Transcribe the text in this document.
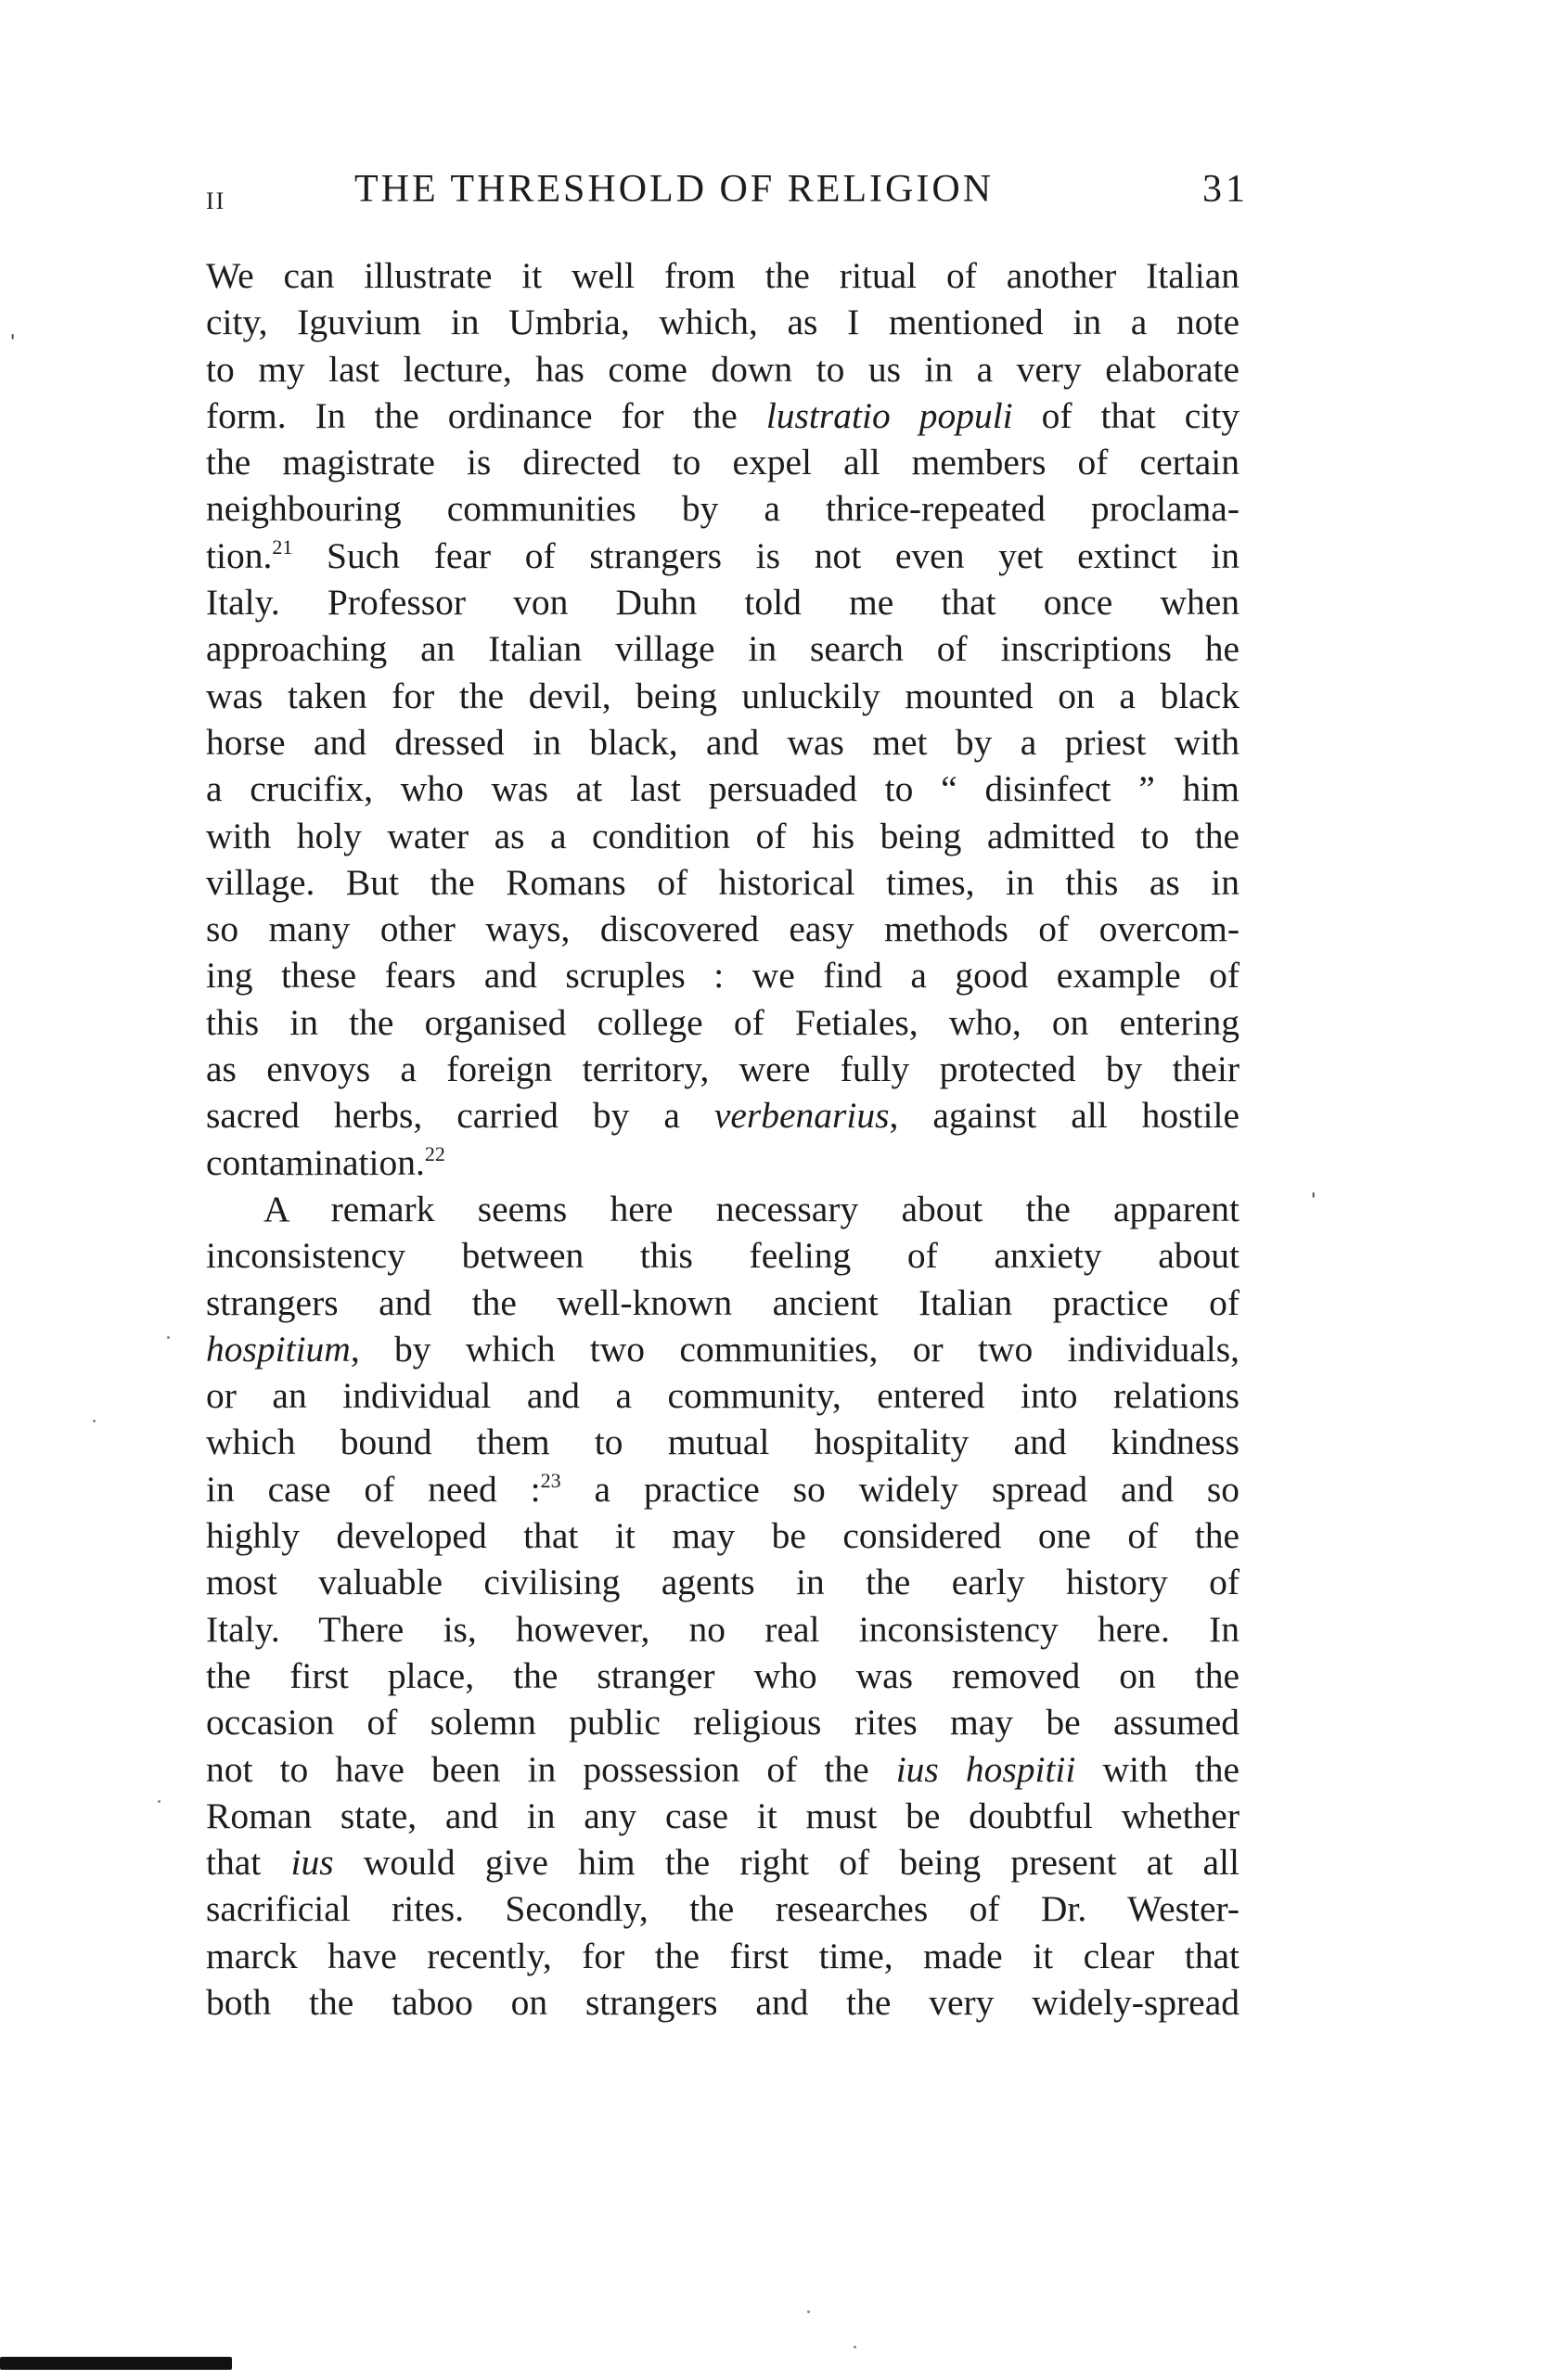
II	THE THRESHOLD OF RELIGION	31
We can illustrate it well from the ritual of another Italian
city, Iguvium in Umbria, which, as I mentioned in a note
to my last lecture, has come down to us in a very elaborate
form. In the ordinance for the lustratio populi of that city
the magistrate is directed to expel all members of certain
neighbouring communities by a thrice-repeated proclama-
tion.$^{21}$ Such fear of strangers is not even yet extinct in
Italy. Professor von Duhn told me that once when
approaching an Italian village in search of inscriptions he
was taken for the devil, being unluckily mounted on a black
horse and dressed in black, and was met by a priest with
a crucifix, who was at last persuaded to “ disinfect ” him
with holy water as a condition of his being admitted to the
village. But the Romans of historical times, in this as in
so many other ways, discovered easy methods of overcom-
ing these fears and scruples : we find a good example of
this in the organised college of Fetiales, who, on entering
as envoys a foreign territory, were fully protected by their
sacred herbs, carried by a verbenarius, against all hostile
contamination.$^{22}$
A remark seems here necessary about the apparent
inconsistency between this feeling of anxiety about
strangers and the well-known ancient Italian practice of
hospitium, by which two communities, or two individuals,
or an individual and a community, entered into relations
which bound them to mutual hospitality and kindness
in case of need :$^{23}$ a practice so widely spread and so
highly developed that it may be considered one of the
most valuable civilising agents in the early history of
Italy. There is, however, no real inconsistency here. In
the first place, the stranger who was removed on the
occasion of solemn public religious rites may be assumed
not to have been in possession of the ius hospitii with the
Roman state, and in any case it must be doubtful whether
that ius would give him the right of being present at all
sacrificial rites. Secondly, the researches of Dr. Wester-
marck have recently, for the first time, made it clear that
both the taboo on strangers and the very widely-spread
ˈ
ˈ
